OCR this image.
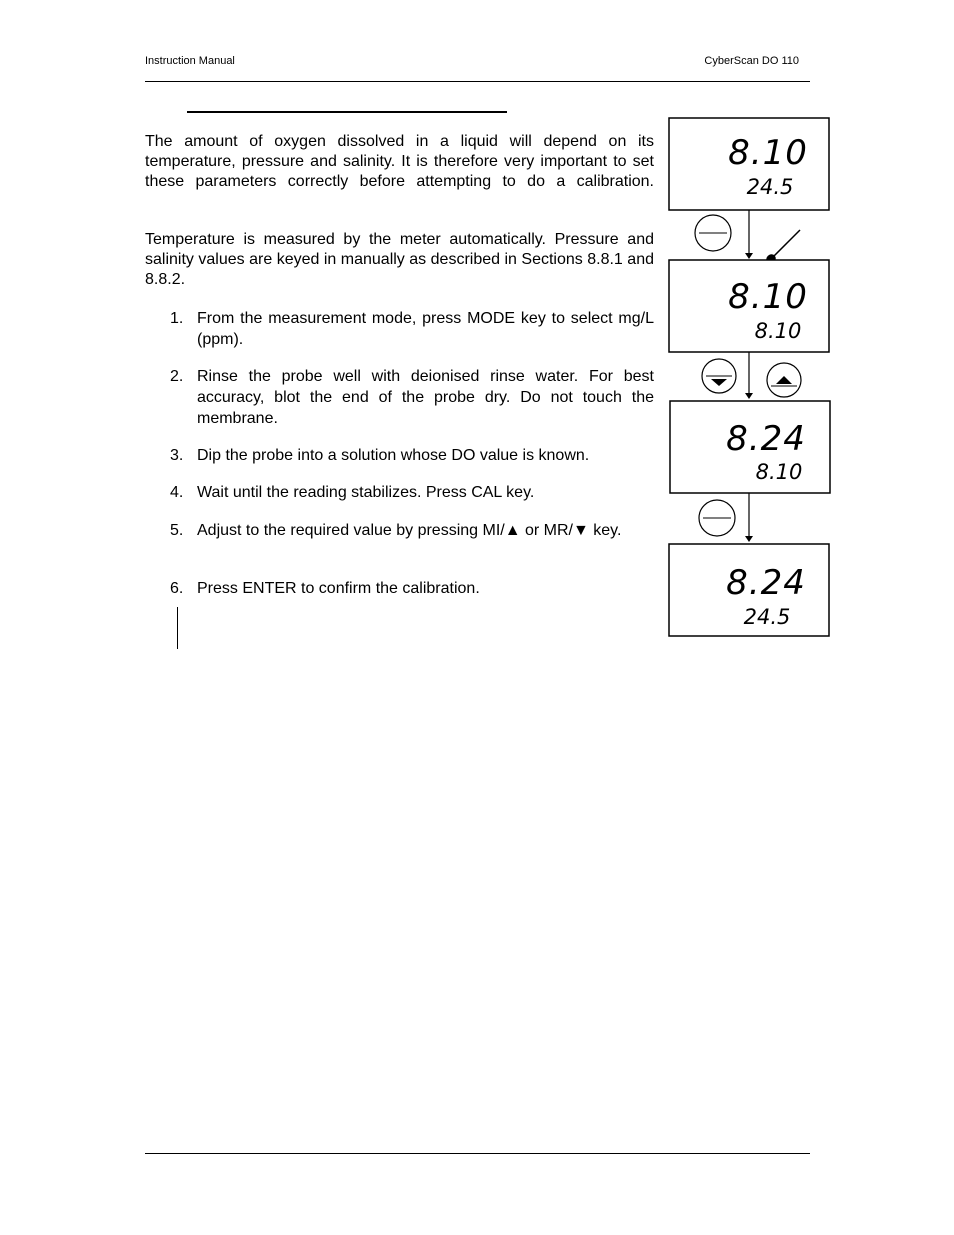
Instruction Manual	CyberScan DO 110

The amount of oxygen dissolved in a liquid will depend on its temperature, pressure and salinity. It is therefore very important to set these parameters correctly before attempting to do a calibration.

Temperature is measured by the meter automatically. Pressure and salinity values are keyed in manually as described in Sections 8.8.1 and 8.8.2.

1. From the measurement mode, press MODE key to select mg/L (ppm).
2. Rinse the probe well with deionised rinse water. For best accuracy, blot the end of the probe dry. Do not touch the membrane.
3. Dip the probe into a solution whose DO value is known.
4. Wait until the reading stabilizes. Press CAL key.
5. Adjust to the required value by pressing MI/▲ or MR/▼ key.
6. Press ENTER to confirm the calibration.
8.10
24.5
8.10
8.10
8.24
8.10
8.24
24.5
